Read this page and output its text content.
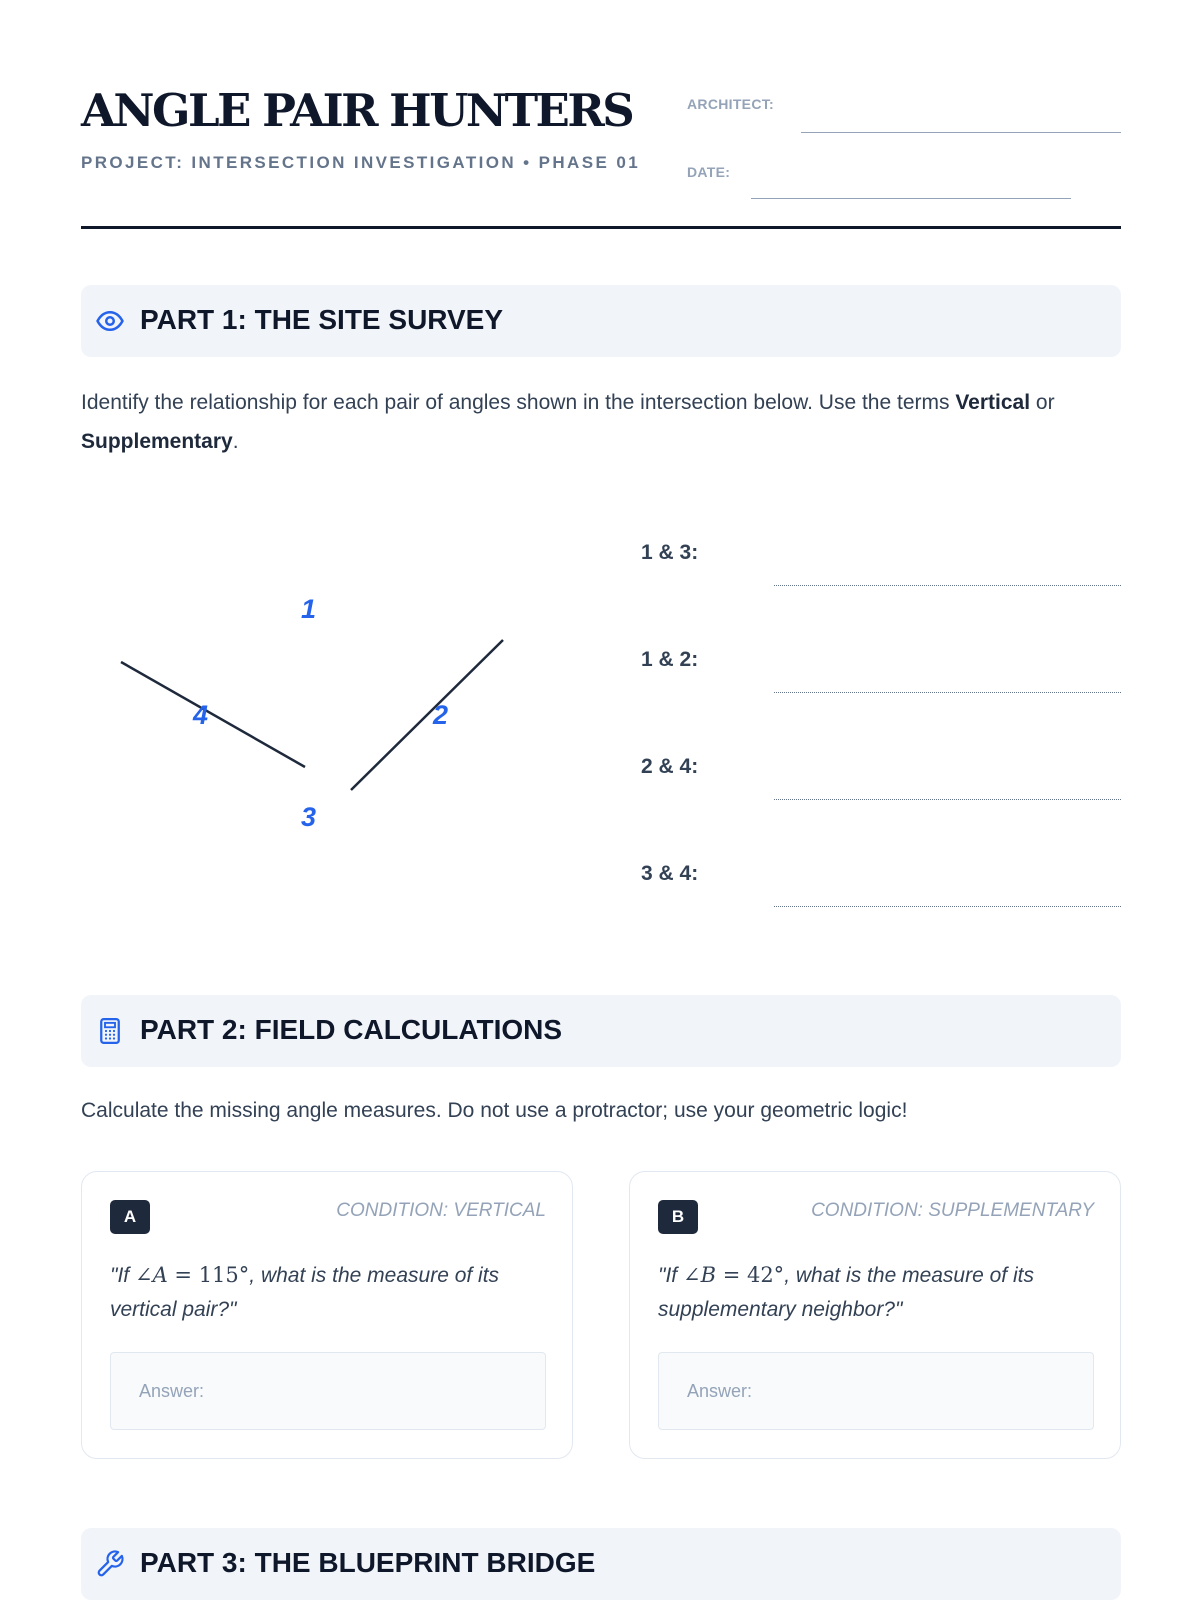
ANGLE PAIR HUNTERS
PROJECT: INTERSECTION INVESTIGATION • PHASE 01
ARCHITECT:
DATE:
PART 1: THE SITE SURVEY

Identify the relationship for each pair of angles shown in the intersection below. Use the terms Vertical or Supplementary.

1
2
3
4
1 & 3:
1 & 2:
2 & 4:
3 & 4:
PART 2: FIELD CALCULATIONS

Calculate the missing angle measures. Do not use a protractor; use your geometric logic!

A	CONDITION: VERTICAL
"If ∠A = 115°, what is the measure of its vertical pair?"
Answer:
B	CONDITION: SUPPLEMENTARY
"If ∠B = 42°, what is the measure of its supplementary neighbor?"
Answer:
PART 3: THE BLUEPRINT BRIDGE
